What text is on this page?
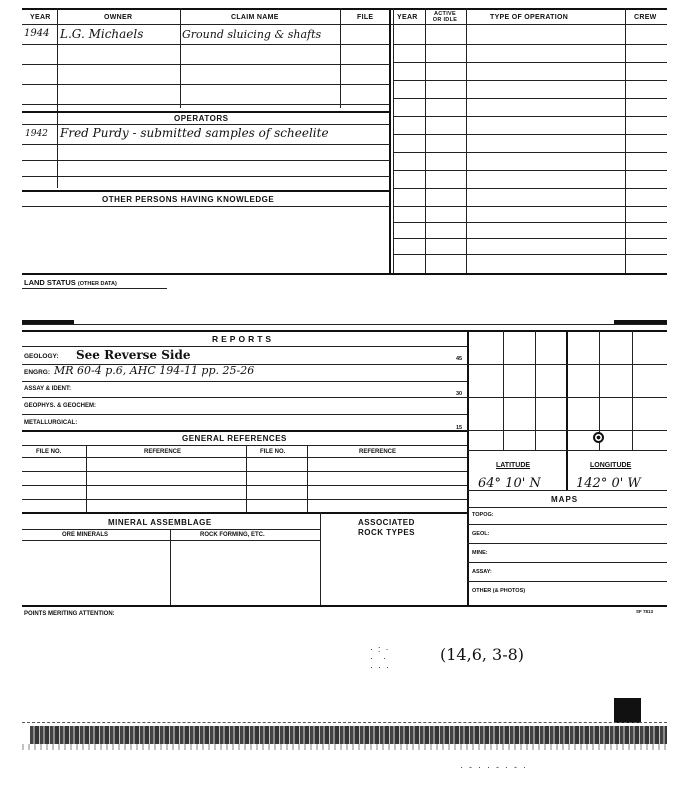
YEAR	OWNER	CLAIM NAME	FILE	YEAR	ACTIVE OR IDLE	TYPE OF OPERATION	CREW
1944 L.G. Michaels	Ground sluicing & shafts
OPERATORS
1942 Fred Purdy - submitted samples of scheelite
OTHER PERSONS HAVING KNOWLEDGE
LAND STATUS (OTHER DATA)
REPORTS
GEOLOGY: See Reverse Side	45
ENGRG: MR 60-4 p.6, AHC 194-11 pp. 25-26
ASSAY & IDENT:
30
GEOPHYS. & GEOCHEM:
METALLURGICAL:
15
GENERAL REFERENCES
FILE NO.	REFERENCE	FILE NO.	REFERENCE
MINERAL ASSEMBLAGE	ASSOCIATED
ROCK TYPES
ORE MINERALS	ROCK FORMING, ETC.
LATITUDE	LONGITUDE
64° 10' N	142° 0' W
MAPS
TOPOG:
GEOL:
MINE:
ASSAY:
OTHER (& PHOTOS)
POINTS MERITING ATTENTION:	SF 7813
(14,6, 3-8)
·  :  ·
·    ·
·  ·  ·
·-··-·-·
